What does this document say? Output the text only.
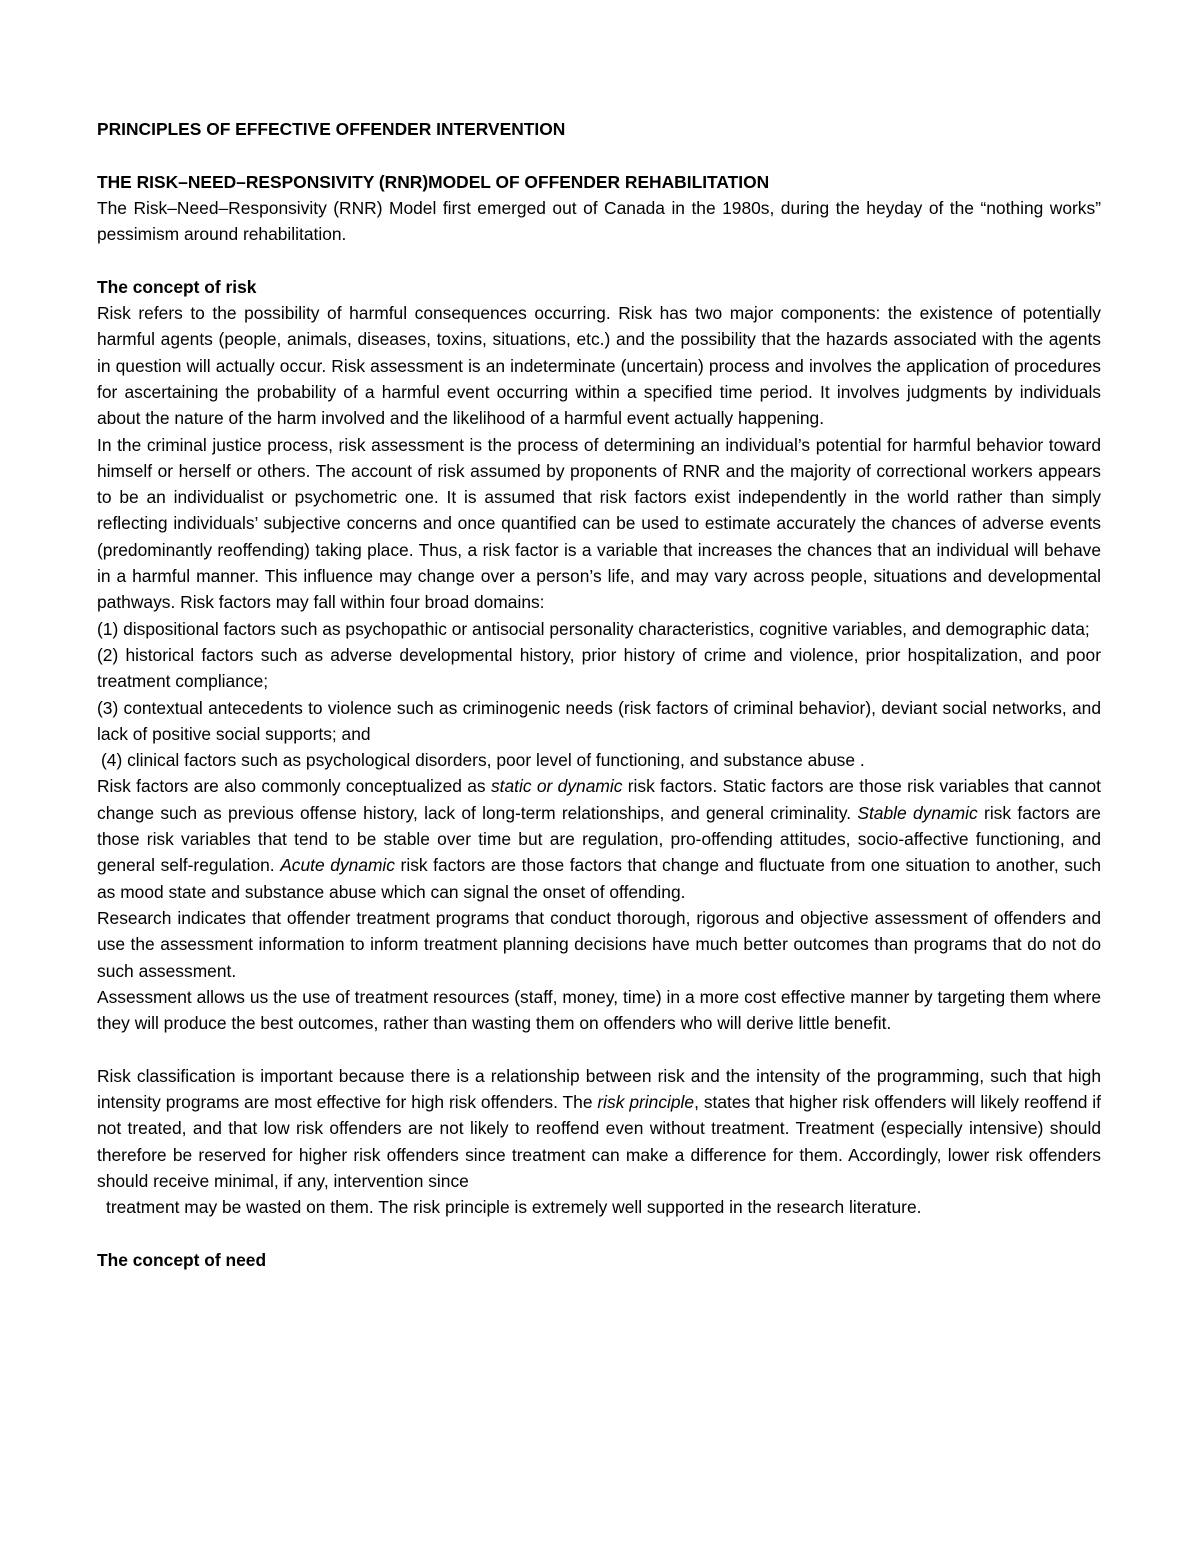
PRINCIPLES OF EFFECTIVE OFFENDER INTERVENTION

THE RISK–NEED–RESPONSIVITY (RNR)MODEL OF OFFENDER REHABILITATION

The Risk–Need–Responsivity (RNR) Model first emerged out of Canada in the 1980s, during the heyday of the “nothing works” pessimism around rehabilitation.

The concept of risk

Risk refers to the possibility of harmful consequences occurring. Risk has two major components: the existence of potentially harmful agents (people, animals, diseases, toxins, situations, etc.) and the possibility that the hazards associated with the agents in question will actually occur. Risk assessment is an indeterminate (uncertain) process and involves the application of procedures for ascertaining the probability of a harmful event occurring within a specified time period. It involves judgments by individuals about the nature of the harm involved and the likelihood of a harmful event actually happening.

In the criminal justice process, risk assessment is the process of determining an individual’s potential for harmful behavior toward himself or herself or others. The account of risk assumed by proponents of RNR and the majority of correctional workers appears to be an individualist or psychometric one. It is assumed that risk factors exist independently in the world rather than simply reflecting individuals’ subjective concerns and once quantified can be used to estimate accurately the chances of adverse events (predominantly reoffending) taking place. Thus, a risk factor is a variable that increases the chances that an individual will behave in a harmful manner. This influence may change over a person’s life, and may vary across people, situations and developmental pathways. Risk factors may fall within four broad domains:

(1) dispositional factors such as psychopathic or antisocial personality characteristics, cognitive variables, and demographic data;

(2) historical factors such as adverse developmental history, prior history of crime and violence, prior hospitalization, and poor treatment compliance;

(3) contextual antecedents to violence such as criminogenic needs (risk factors of criminal behavior), deviant social networks, and lack of positive social supports; and

(4) clinical factors such as psychological disorders, poor level of functioning, and substance abuse .

Risk factors are also commonly conceptualized as static or dynamic risk factors. Static factors are those risk variables that cannot change such as previous offense history, lack of long-term relationships, and general criminality. Stable dynamic risk factors are those risk variables that tend to be stable over time but are regulation, pro-offending attitudes, socio-affective functioning, and general self-regulation. Acute dynamic risk factors are those factors that change and fluctuate from one situation to another, such as mood state and substance abuse which can signal the onset of offending.

Research indicates that offender treatment programs that conduct thorough, rigorous and objective assessment of offenders and use the assessment information to inform treatment planning decisions have much better outcomes than programs that do not do such assessment.

Assessment allows us the use of treatment resources (staff, money, time) in a more cost effective manner by targeting them where they will produce the best outcomes, rather than wasting them on offenders who will derive little benefit.

Risk classification is important because there is a relationship between risk and the intensity of the programming, such that high intensity programs are most effective for high risk offenders. The risk principle, states that higher risk offenders will likely reoffend if not treated, and that low risk offenders are not likely to reoffend even without treatment. Treatment (especially intensive) should therefore be reserved for higher risk offenders since treatment can make a difference for them. Accordingly, lower risk offenders should receive minimal, if any, intervention since

treatment may be wasted on them. The risk principle is extremely well supported in the research literature.

The concept of need
